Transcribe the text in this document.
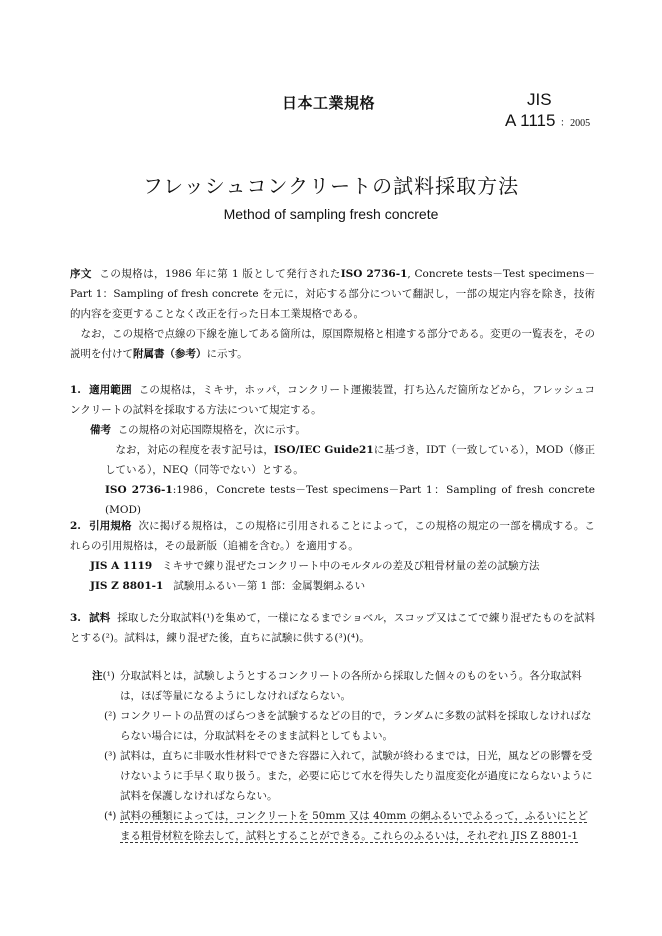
日本工業規格	JIS
A 1115 ：2005
フレッシュコンクリートの試料採取方法
Method of sampling fresh concrete
序文 この規格は，1986 年に第 1 版として発行されたISO 2736-1, Concrete tests－Test specimens－Part 1：Sampling of fresh concrete を元に，対応する部分について翻訳し，一部の規定内容を除き，技術的内容を変更することなく改正を行った日本工業規格である。
なお，この規格で点線の下線を施してある箇所は，原国際規格と相違する部分である。変更の一覧表を，その説明を付けて附属書（参考）に示す。
1. 適用範囲 この規格は，ミキサ，ホッパ，コンクリート運搬装置，打ち込んだ箇所などから，フレッシュコンクリートの試料を採取する方法について規定する。
備考 この規格の対応国際規格を，次に示す。
なお，対応の程度を表す記号は，ISO/IEC Guide21に基づき，IDT（一致している），MOD（修正している），NEQ（同等でない）とする。
ISO 2736-1:1986，Concrete tests－Test specimens－Part 1：Sampling of fresh concrete (MOD)
2. 引用規格 次に掲げる規格は，この規格に引用されることによって，この規格の規定の一部を構成する。これらの引用規格は，その最新版（追補を含む。）を適用する。
JIS A 1119 ミキサで練り混ぜたコンクリート中のモルタルの差及び粗骨材量の差の試験方法
JIS Z 8801-1 試験用ふるい－第 1 部：金属製網ふるい
3. 試料 採取した分取試料(¹)を集めて，一様になるまでショベル，スコップ又はこてで練り混ぜたものを試料とする(²)。試料は，練り混ぜた後，直ちに試験に供する(³)(⁴)。
注(¹) 分取試料とは，試験しようとするコンクリートの各所から採取した個々のものをいう。各分取試料は，ほぼ等量になるようにしなければならない。
(²) コンクリートの品質のばらつきを試験するなどの目的で，ランダムに多数の試料を採取しなければならない場合には，分取試料をそのまま試料としてもよい。
(³) 試料は，直ちに非吸水性材料でできた容器に入れて，試験が終わるまでは，日光，風などの影響を受けないように手早く取り扱う。また，必要に応じて水を得失したり温度変化が過度にならないように試料を保護しなければならない。
(⁴) 試料の種類によっては，コンクリートを 50mm 又は 40mm の網ふるいでふるって，ふるいにとどまる粗骨材粒を除去して，試料とすることができる。これらのふるいは，それぞれ JIS Z 8801-1
